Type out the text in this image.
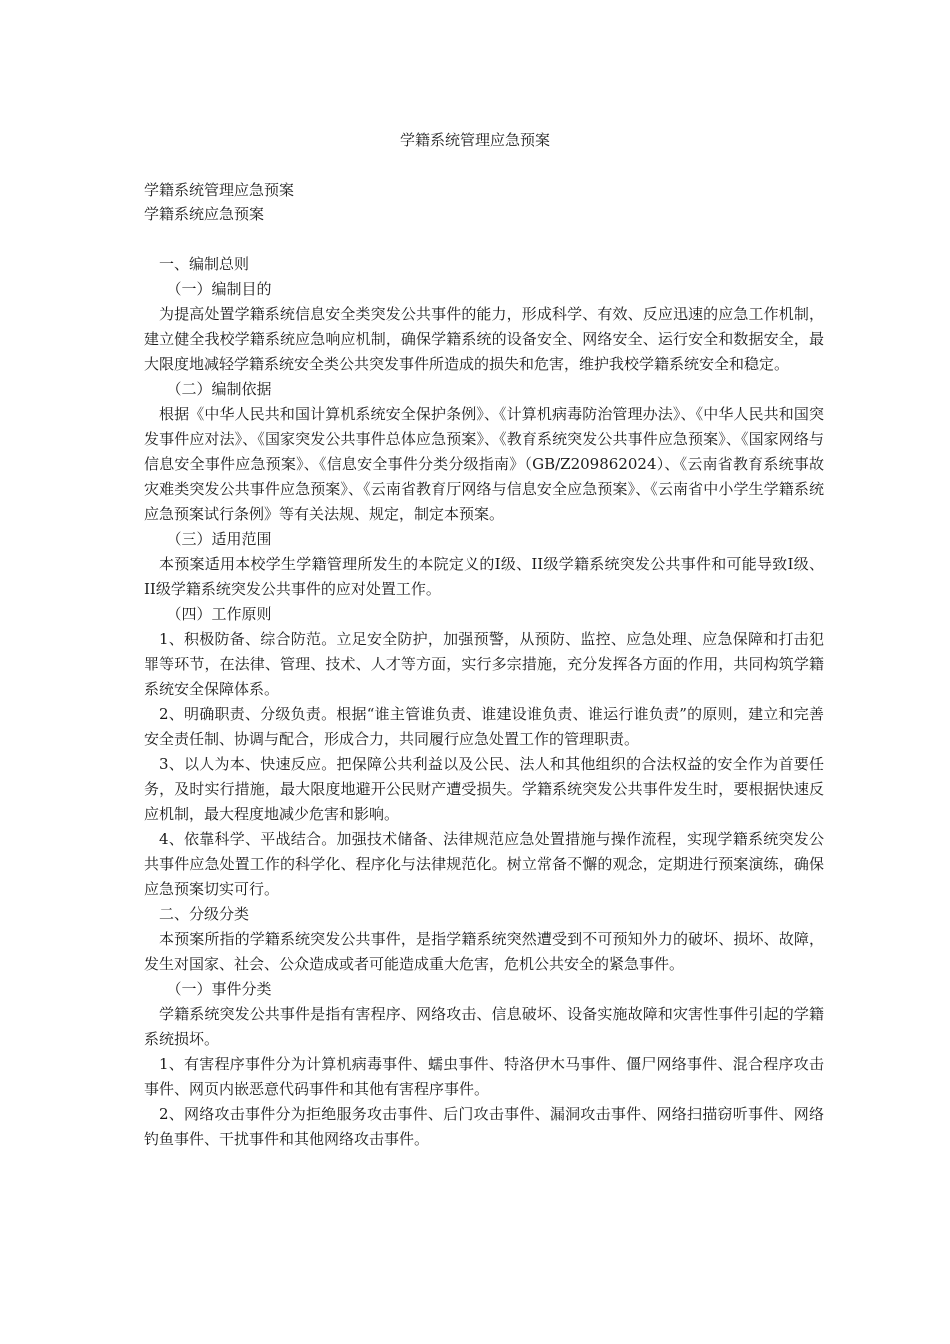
学籍系统管理应急预案
学籍系统管理应急预案
学籍系统应急预案

一、编制总则

（一）编制目的

为提高处置学籍系统信息安全类突发公共事件的能力，形成科学、有效、反应迅速的应急工作机制，建立健全我校学籍系统应急响应机制，确保学籍系统的设备安全、网络安全、运行安全和数据安全，最大限度地减轻学籍系统安全类公共突发事件所造成的损失和危害，维护我校学籍系统安全和稳定。

（二）编制依据

根据《中华人民共和国计算机系统安全保护条例》、《计算机病毒防治管理办法》、《中华人民共和国突发事件应对法》、《国家突发公共事件总体应急预案》、《教育系统突发公共事件应急预案》、《国家网络与信息安全事件应急预案》、《信息安全事件分类分级指南》（GB/Z209862024）、《云南省教育系统事故灾难类突发公共事件应急预案》、《云南省教育厅网络与信息安全应急预案》、《云南省中小学生学籍系统应急预案试行条例》等有关法规、规定，制定本预案。

（三）适用范围

本预案适用本校学生学籍管理所发生的本院定义的I级、II级学籍系统突发公共事件和可能导致I级、II级学籍系统突发公共事件的应对处置工作。

（四）工作原则

1、积极防备、综合防范。立足安全防护，加强预警，从预防、监控、应急处理、应急保障和打击犯罪等环节，在法律、管理、技术、人才等方面，实行多宗措施，充分发挥各方面的作用，共同构筑学籍系统安全保障体系。

2、明确职责、分级负责。根据“谁主管谁负责、谁建设谁负责、谁运行谁负责”的原则，建立和完善安全责任制、协调与配合，形成合力，共同履行应急处置工作的管理职责。

3、以人为本、快速反应。把保障公共利益以及公民、法人和其他组织的合法权益的安全作为首要任务，及时实行措施，最大限度地避开公民财产遭受损失。学籍系统突发公共事件发生时，要根据快速反应机制，最大程度地减少危害和影响。

4、依靠科学、平战结合。加强技术储备、法律规范应急处置措施与操作流程，实现学籍系统突发公共事件应急处置工作的科学化、程序化与法律规范化。树立常备不懈的观念，定期进行预案演练，确保应急预案切实可行。

二、分级分类

本预案所指的学籍系统突发公共事件，是指学籍系统突然遭受到不可预知外力的破坏、损坏、故障，发生对国家、社会、公众造成或者可能造成重大危害，危机公共安全的紧急事件。

（一）事件分类

学籍系统突发公共事件是指有害程序、网络攻击、信息破坏、设备实施故障和灾害性事件引起的学籍系统损坏。

1、有害程序事件分为计算机病毒事件、蠕虫事件、特洛伊木马事件、僵尸网络事件、混合程序攻击事件、网页内嵌恶意代码事件和其他有害程序事件。

2、网络攻击事件分为拒绝服务攻击事件、后门攻击事件、漏洞攻击事件、网络扫描窃听事件、网络钓鱼事件、干扰事件和其他网络攻击事件。
